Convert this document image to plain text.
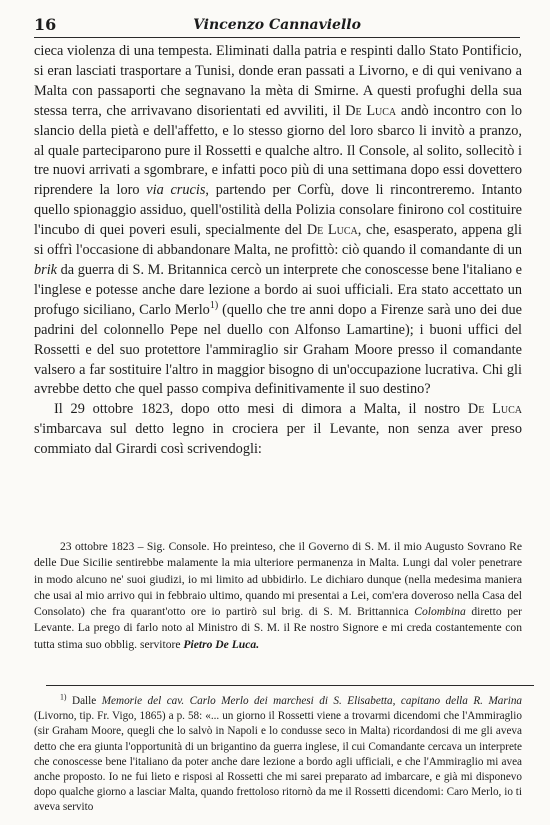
16	Vincenzo Cannaviello

cieca violenza di una tempesta. Eliminati dalla patria e respinti dallo Stato Pontificio, si eran lasciati trasportare a Tunisi, donde eran passati a Livorno, e di qui venivano a Malta con passaporti che segnavano la mèta di Smirne. A questi profughi della sua stessa terra, che arrivavano disorientati ed avviliti, il De Luca andò incontro con lo slancio della pietà e dell'affetto, e lo stesso giorno del loro sbarco li invitò a pranzo, al quale parteciparono pure il Rossetti e qualche altro. Il Console, al solito, sollecitò i tre nuovi arrivati a sgombrare, e infatti poco più di una settimana dopo essi dovettero riprendere la loro via crucis, partendo per Corfù, dove li rincontreremo. Intanto quello spionaggio assiduo, quell'ostilità della Polizia consolare finirono col costituire l'incubo di quei poveri esuli, specialmente del De Luca, che, esasperato, appena gli si offrì l'occasione di abbandonare Malta, ne profittò: ciò quando il comandante di un brik da guerra di S. M. Britannica cercò un interprete che conoscesse bene l'italiano e l'inglese e potesse anche dare lezione a bordo ai suoi ufficiali. Era stato accettato un profugo siciliano, Carlo Merlo$^{1)}$ (quello che tre anni dopo a Firenze sarà uno dei due padrini del colonnello Pepe nel duello con Alfonso Lamartine); i buoni uffici del Rossetti e del suo protettore l'ammiraglio sir Graham Moore presso il comandante valsero a far sostituire l'altro in maggior bisogno di un'occupazione lucrativa. Chi gli avrebbe detto che quel passo compiva definitivamente il suo destino?

Il 29 ottobre 1823, dopo otto mesi di dimora a Malta, il nostro De Luca s'imbarcava sul detto legno in crociera per il Levante, non senza aver preso commiato dal Girardi così scrivendogli:

23 ottobre 1823 – Sig. Console. Ho preinteso, che il Governo di S. M. il mio Augusto Sovrano Re delle Due Sicilie sentirebbe malamente la mia ulteriore permanenza in Malta. Lungi dal voler penetrare in modo alcuno ne' suoi giudizi, io mi limito ad ubbidirlo. Le dichiaro dunque (nella medesima maniera che usai al mio arrivo qui in febbraio ultimo, quando mi presentai a Lei, com'era doveroso nella Casa del Consolato) che fra quarant'otto ore io partirò sul brig. di S. M. Brittannica Colombina diretto per Levante. La prego di farlo noto al Ministro di S. M. il Re nostro Signore e mi creda costantemente con tutta stima suo obblig. servitore Pietro De Luca.
$^{1)}$ Dalle Memorie del cav. Carlo Merlo dei marchesi di S. Elisabetta, capitano della R. Marina (Livorno, tip. Fr. Vigo, 1865) a p. 58: «... un giorno il Rossetti viene a trovarmi dicendomi che l'Ammiraglio (sir Graham Moore, quegli che lo salvò in Napoli e lo condusse seco in Malta) ricordandosi di me gli aveva detto che era giunta l'opportunità di un brigantino da guerra inglese, il cui Comandante cercava un interprete che conoscesse bene l'italiano da poter anche dare lezione a bordo agli ufficiali, e che l'Ammiraglio mi avea anche proposto. Io ne fui lieto e risposi al Rossetti che mi sarei preparato ad imbarcare, e già mi disponevo dopo qualche giorno a lasciar Malta, quando frettoloso ritornò da me il Rossetti dicendomi: Caro Merlo, io ti aveva servito
